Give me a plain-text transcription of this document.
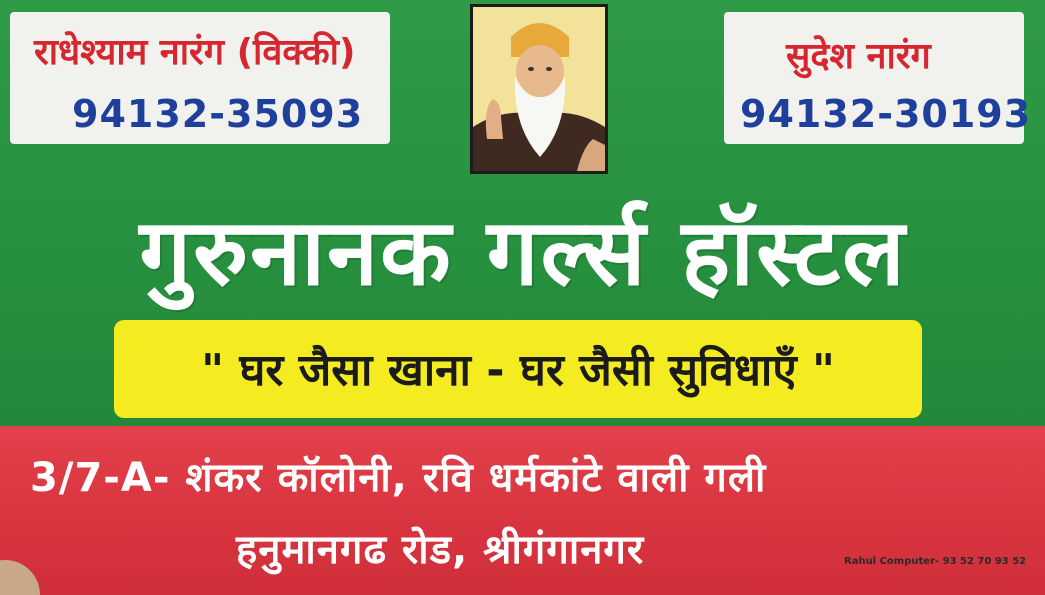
राधेश्याम नारंग (विक्की)
94132-35093
सुदेश नारंग
94132-30193
गुरुनानक गर्ल्स हॉस्टल
" घर जैसा खाना - घर जैसी सुविधाएँ "
3/7-A- शंकर कॉलोनी, रवि धर्मकांटे वाली गली
हनुमानगढ रोड, श्रीगंगानगर	Rahul Computer- 93 52 70 93 52
